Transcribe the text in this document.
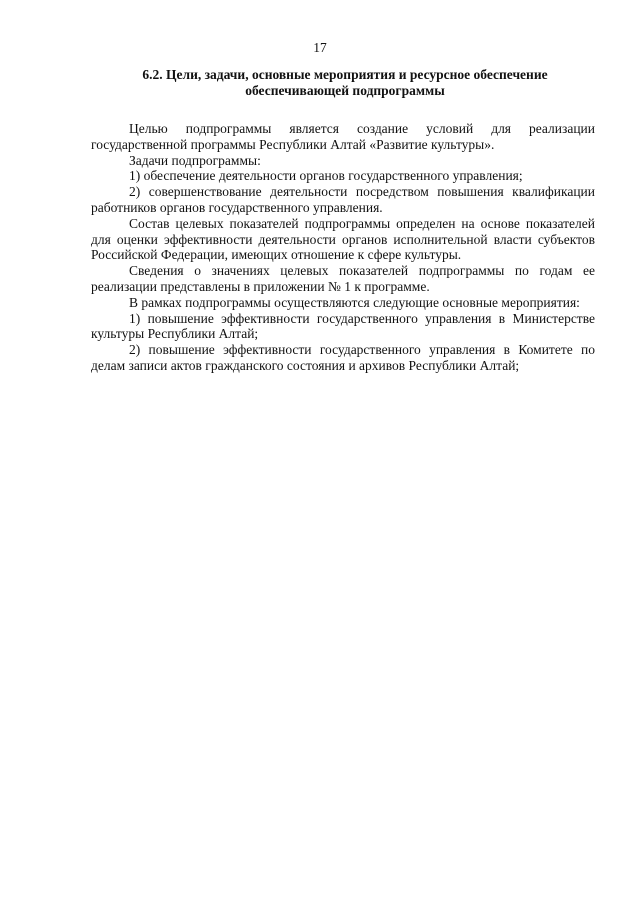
17
6.2. Цели, задачи, основные мероприятия и ресурсное обеспечение
обеспечивающей подпрограммы

Целью подпрограммы является создание условий для реализации государственной программы Республики Алтай «Развитие культуры».

Задачи подпрограммы:

1) обеспечение деятельности органов государственного управления;

2) совершенствование деятельности посредством повышения квалификации работников органов государственного управления.

Состав целевых показателей подпрограммы определен на основе показателей для оценки эффективности деятельности органов исполнительной власти субъектов Российской Федерации, имеющих отношение к сфере культуры.

Сведения о значениях целевых показателей подпрограммы по годам ее реализации представлены в приложении № 1 к программе.

В рамках подпрограммы осуществляются следующие основные мероприятия:

1) повышение эффективности государственного управления в Министерстве культуры Республики Алтай;

2) повышение эффективности государственного управления в Комитете по делам записи актов гражданского состояния и архивов Республики Алтай;
